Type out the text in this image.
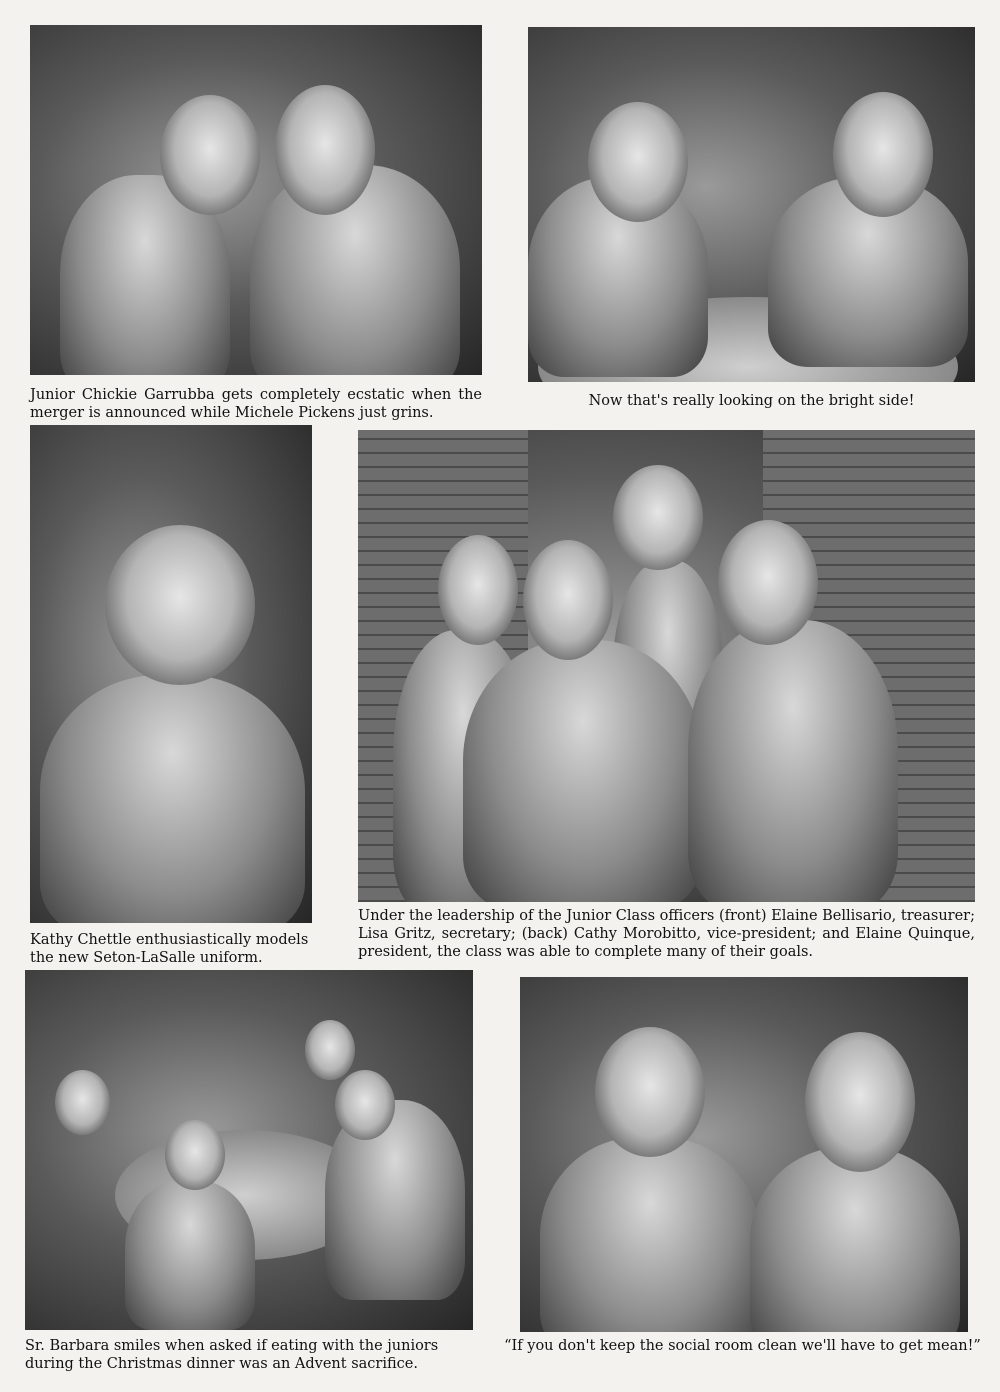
Junior Chickie Garrubba gets completely ecstatic when the merger is announced while Michele Pickens just grins.

Now that's really looking on the bright side!

Kathy Chettle enthusiastically models the new Seton-LaSalle uniform.

Under the leadership of the Junior Class officers (front) Elaine Bellisario, treasurer; Lisa Gritz, secretary; (back) Cathy Morobitto, vice-president; and Elaine Quinque, president, the class was able to complete many of their goals.

Sr. Barbara smiles when asked if eating with the juniors during the Christmas dinner was an Advent sacrifice.

“If you don't keep the social room clean we'll have to get mean!”
